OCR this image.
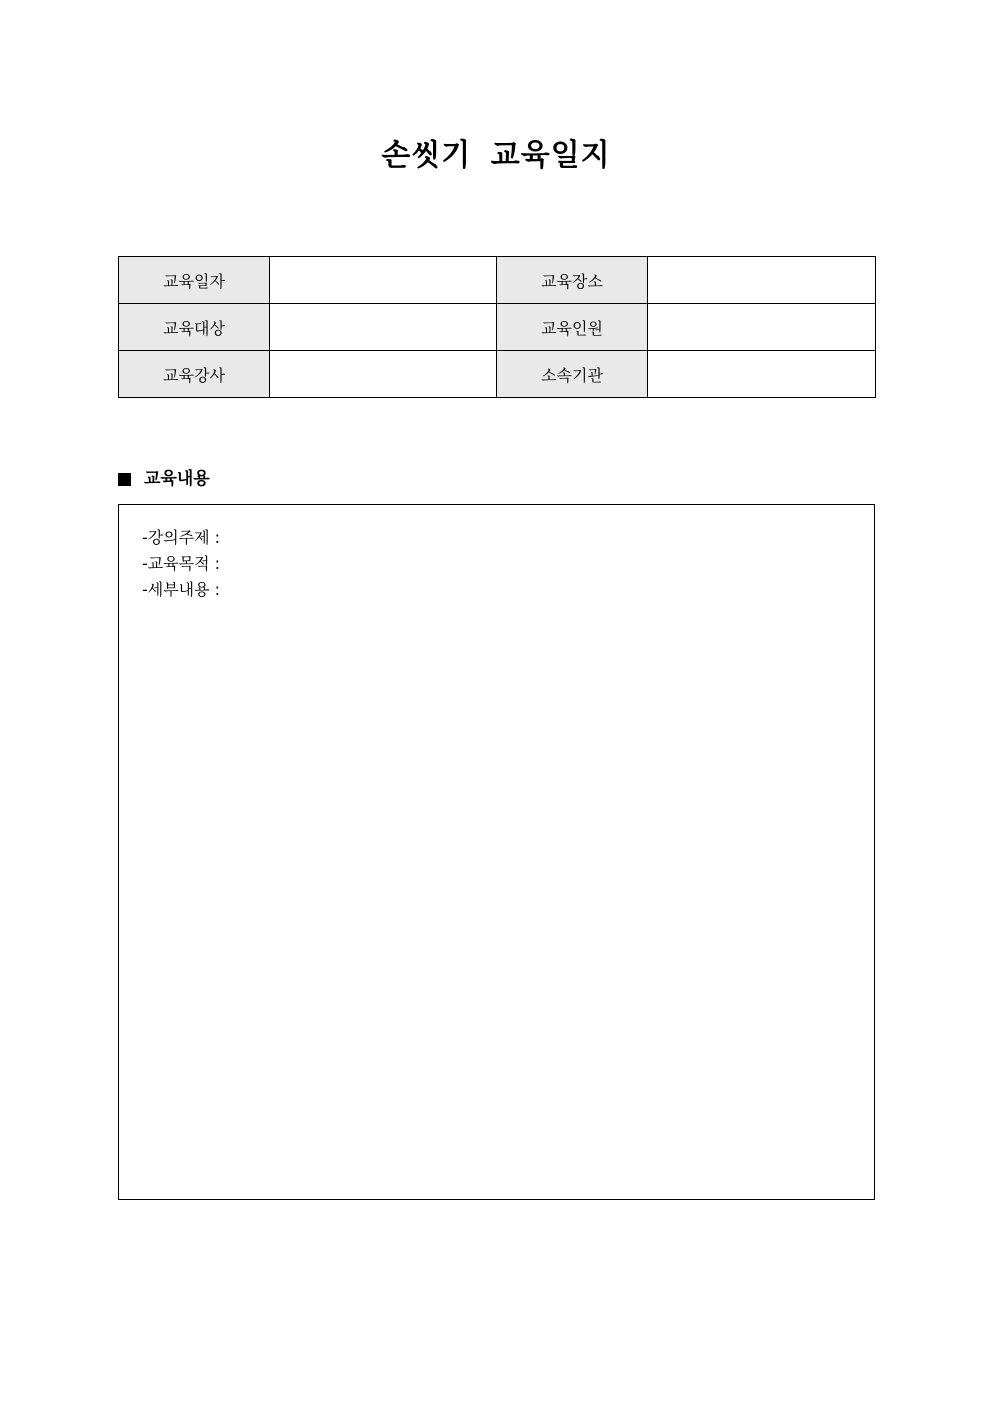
손씻기 교육일지
교육일자		교육장소	
교육대상		교육인원	
교육강사		소속기관	
교육내용
-강의주제 :
-교육목적 :
-세부내용 :
